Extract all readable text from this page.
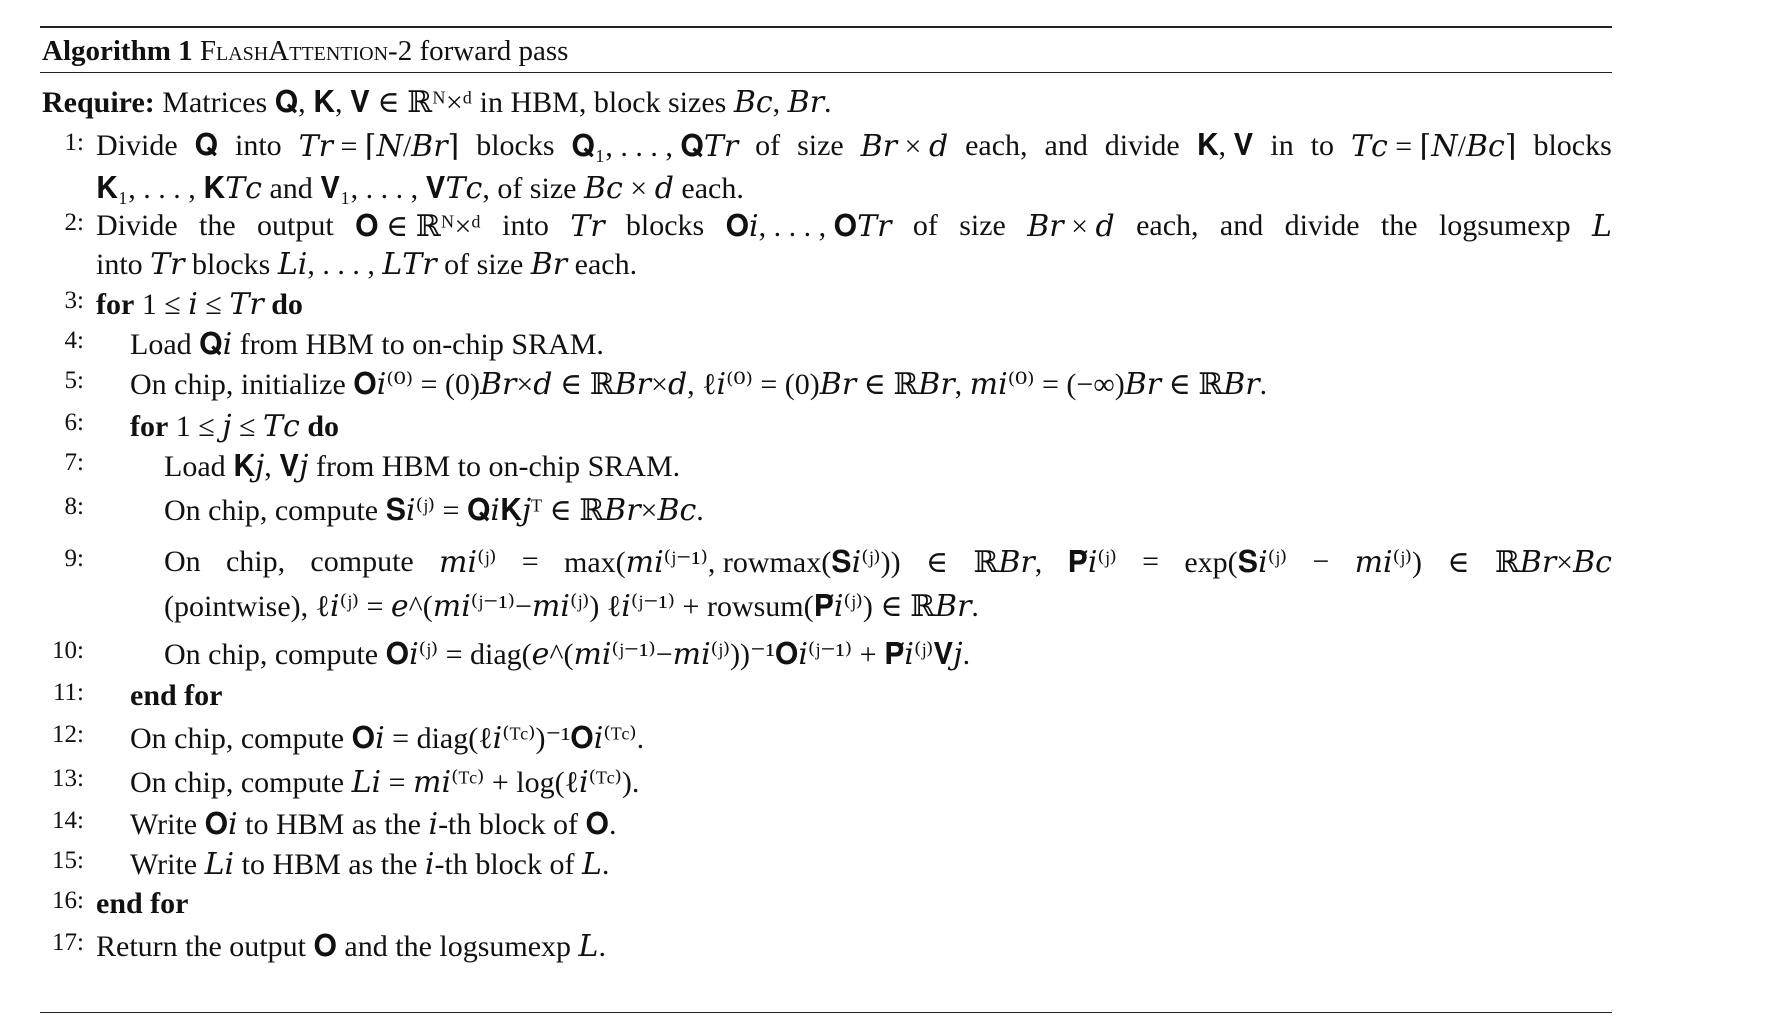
Algorithm 1 FlashAttention-2 forward pass
Require: Matrices 𝐐, 𝐊, 𝐕 ∈ ℝᴺ×ᵈ in HBM, block sizes 𝐵𝑐, 𝐵𝑟.
1: Divide 𝐐 into 𝑇𝑟 = ⌈𝑁/𝐵𝑟⌉ blocks 𝐐₁, . . . , 𝐐𝑇𝑟 of size 𝐵𝑟 × 𝑑 each, and divide 𝐊, 𝐕 in to 𝑇𝑐 = ⌈𝑁/𝐵𝑐⌉ blocks
𝐊₁, . . . , 𝐊𝑇𝑐 and 𝐕₁, . . . , 𝐕𝑇𝑐, of size 𝐵𝑐 × 𝑑 each.
2: Divide the output 𝐎 ∈ ℝᴺ×ᵈ into 𝑇𝑟 blocks 𝐎𝑖, . . . , 𝐎𝑇𝑟 of size 𝐵𝑟 × 𝑑 each, and divide the logsumexp 𝐿
into 𝑇𝑟 blocks 𝐿𝑖, . . . , 𝐿𝑇𝑟 of size 𝐵𝑟 each.
3: for 1 ≤ 𝑖 ≤ 𝑇𝑟 do
4: Load 𝐐𝑖 from HBM to on-chip SRAM.
5: On chip, initialize 𝐎𝑖⁽⁰⁾ = (0)𝐵𝑟×𝑑 ∈ ℝ𝐵𝑟×𝑑, ℓ𝑖⁽⁰⁾ = (0)𝐵𝑟 ∈ ℝ𝐵𝑟, 𝑚𝑖⁽⁰⁾ = (−∞)𝐵𝑟 ∈ ℝ𝐵𝑟.
6: for 1 ≤ 𝑗 ≤ 𝑇𝑐 do
7:	Load 𝐊𝑗, 𝐕𝑗 from HBM to on-chip SRAM.
8:	On chip, compute 𝐒𝑖⁽ʲ⁾ = 𝐐𝑖𝐊𝑗ᵀ ∈ ℝ𝐵𝑟×𝐵𝑐.
9:	On chip, compute 𝑚𝑖⁽ʲ⁾ = max(𝑚𝑖⁽ʲ⁻¹⁾, rowmax(𝐒𝑖⁽ʲ⁾)) ∈ ℝ𝐵𝑟, 𝐏̃𝑖⁽ʲ⁾ = exp(𝐒𝑖⁽ʲ⁾ − 𝑚𝑖⁽ʲ⁾) ∈ ℝ𝐵𝑟×𝐵𝑐
(pointwise), ℓ𝑖⁽ʲ⁾ = 𝑒^(𝑚𝑖⁽ʲ⁻¹⁾−𝑚𝑖⁽ʲ⁾) ℓ𝑖⁽ʲ⁻¹⁾ + rowsum(𝐏̃𝑖⁽ʲ⁾) ∈ ℝ𝐵𝑟.
10:	On chip, compute 𝐎𝑖⁽ʲ⁾ = diag(𝑒^(𝑚𝑖⁽ʲ⁻¹⁾−𝑚𝑖⁽ʲ⁾))⁻¹𝐎𝑖⁽ʲ⁻¹⁾ + 𝐏̃𝑖⁽ʲ⁾𝐕𝑗.
11: end for
12: On chip, compute 𝐎𝑖 = diag(ℓ𝑖⁽ᵀᶜ⁾)⁻¹𝐎𝑖⁽ᵀᶜ⁾.
13: On chip, compute 𝐿𝑖 = 𝑚𝑖⁽ᵀᶜ⁾ + log(ℓ𝑖⁽ᵀᶜ⁾).
14: Write 𝐎𝑖 to HBM as the 𝑖-th block of 𝐎.
15: Write 𝐿𝑖 to HBM as the 𝑖-th block of 𝐿.
16: end for
17: Return the output 𝐎 and the logsumexp 𝐿.
